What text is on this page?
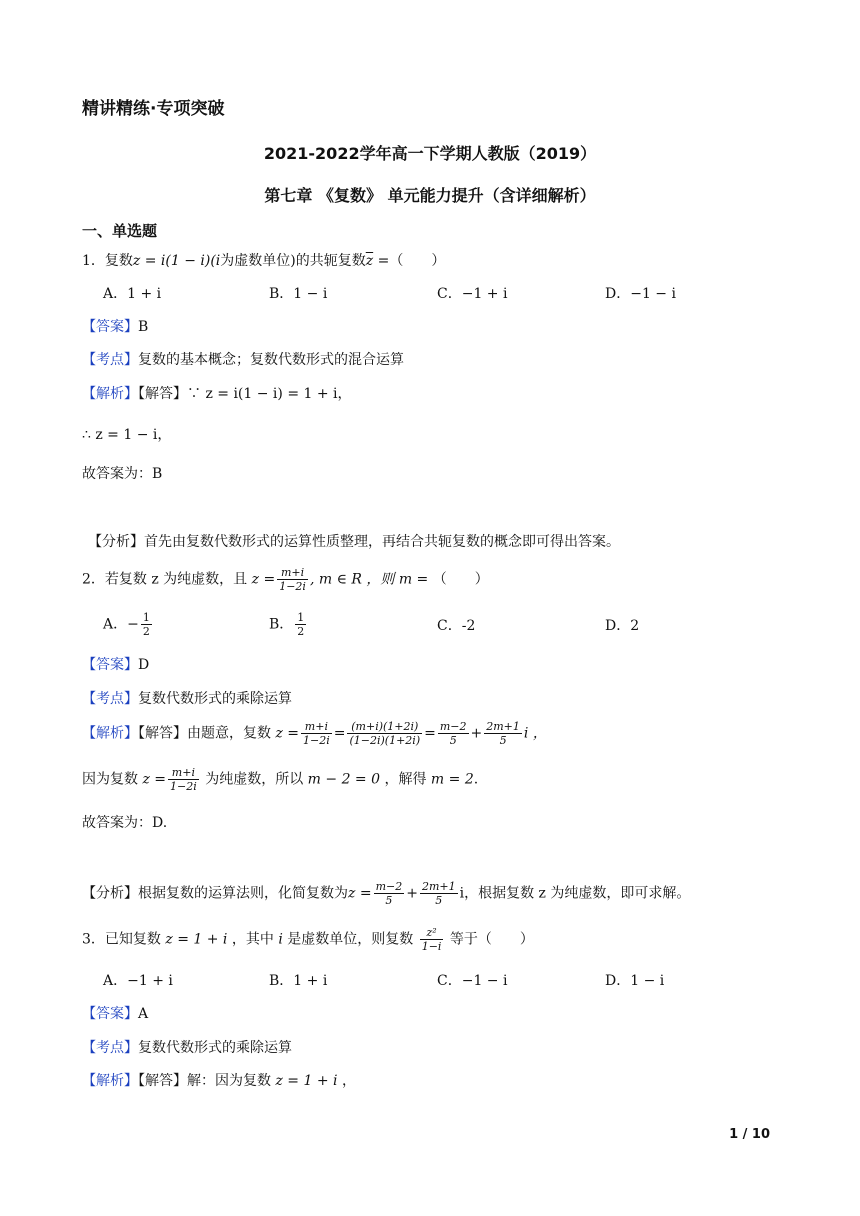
精讲精练·专项突破
2021-2022学年高一下学期人教版（2019）
第七章 《复数》 单元能力提升（含详细解析）
一、单选题
1．复数z = i(1 − i)(i为虚数单位)的共轭复数$\overline{z}$ =（　　）
A．1 + i	B．1 − i	C．−1 + i	D．−1 − i
【答案】B
【考点】复数的基本概念；复数代数形式的混合运算
【解析】【解答】∵ z = i(1 − i) = 1 + i，
∴ z = 1 − i，
故答案为：B
【分析】首先由复数代数形式的运算性质整理，再结合共轭复数的概念即可得出答案。
2．若复数 z 为纯虚数，且 $z = \frac{m+i}{1-2i}$ , m ∈ R ，则 m = （　　）
A．− $\frac{1}{2}$	B． $\frac{1}{2}$	C．-2	D．2
【答案】D
【考点】复数代数形式的乘除运算
【解析】【解答】由题意，复数 $z = \frac{m+i}{1-2i} = \frac{(m+i)(1+2i)}{(1-2i)(1+2i)} = \frac{m-2}{5} + \frac{2m+1}{5}$ i ，
因为复数 $z = \frac{m+i}{1-2i}$ 为纯虚数，所以 m − 2 = 0 ，解得 m = 2.
故答案为：D.
【分析】根据复数的运算法则，化简复数为$z = \frac{m-2}{5} + \frac{2m+1}{5}$ i，根据复数 z 为纯虚数，即可求解。
3．已知复数 z = 1 + i ，其中 i 是虚数单位，则复数 $\frac{\text{z²}}{1-i}$ 等于（　　）
A．−1 + i	B．1 + i	C．−1 − i	D．1 − i
【答案】A
【考点】复数代数形式的乘除运算
【解析】【解答】解：因为复数 z = 1 + i ，
1 / 10
